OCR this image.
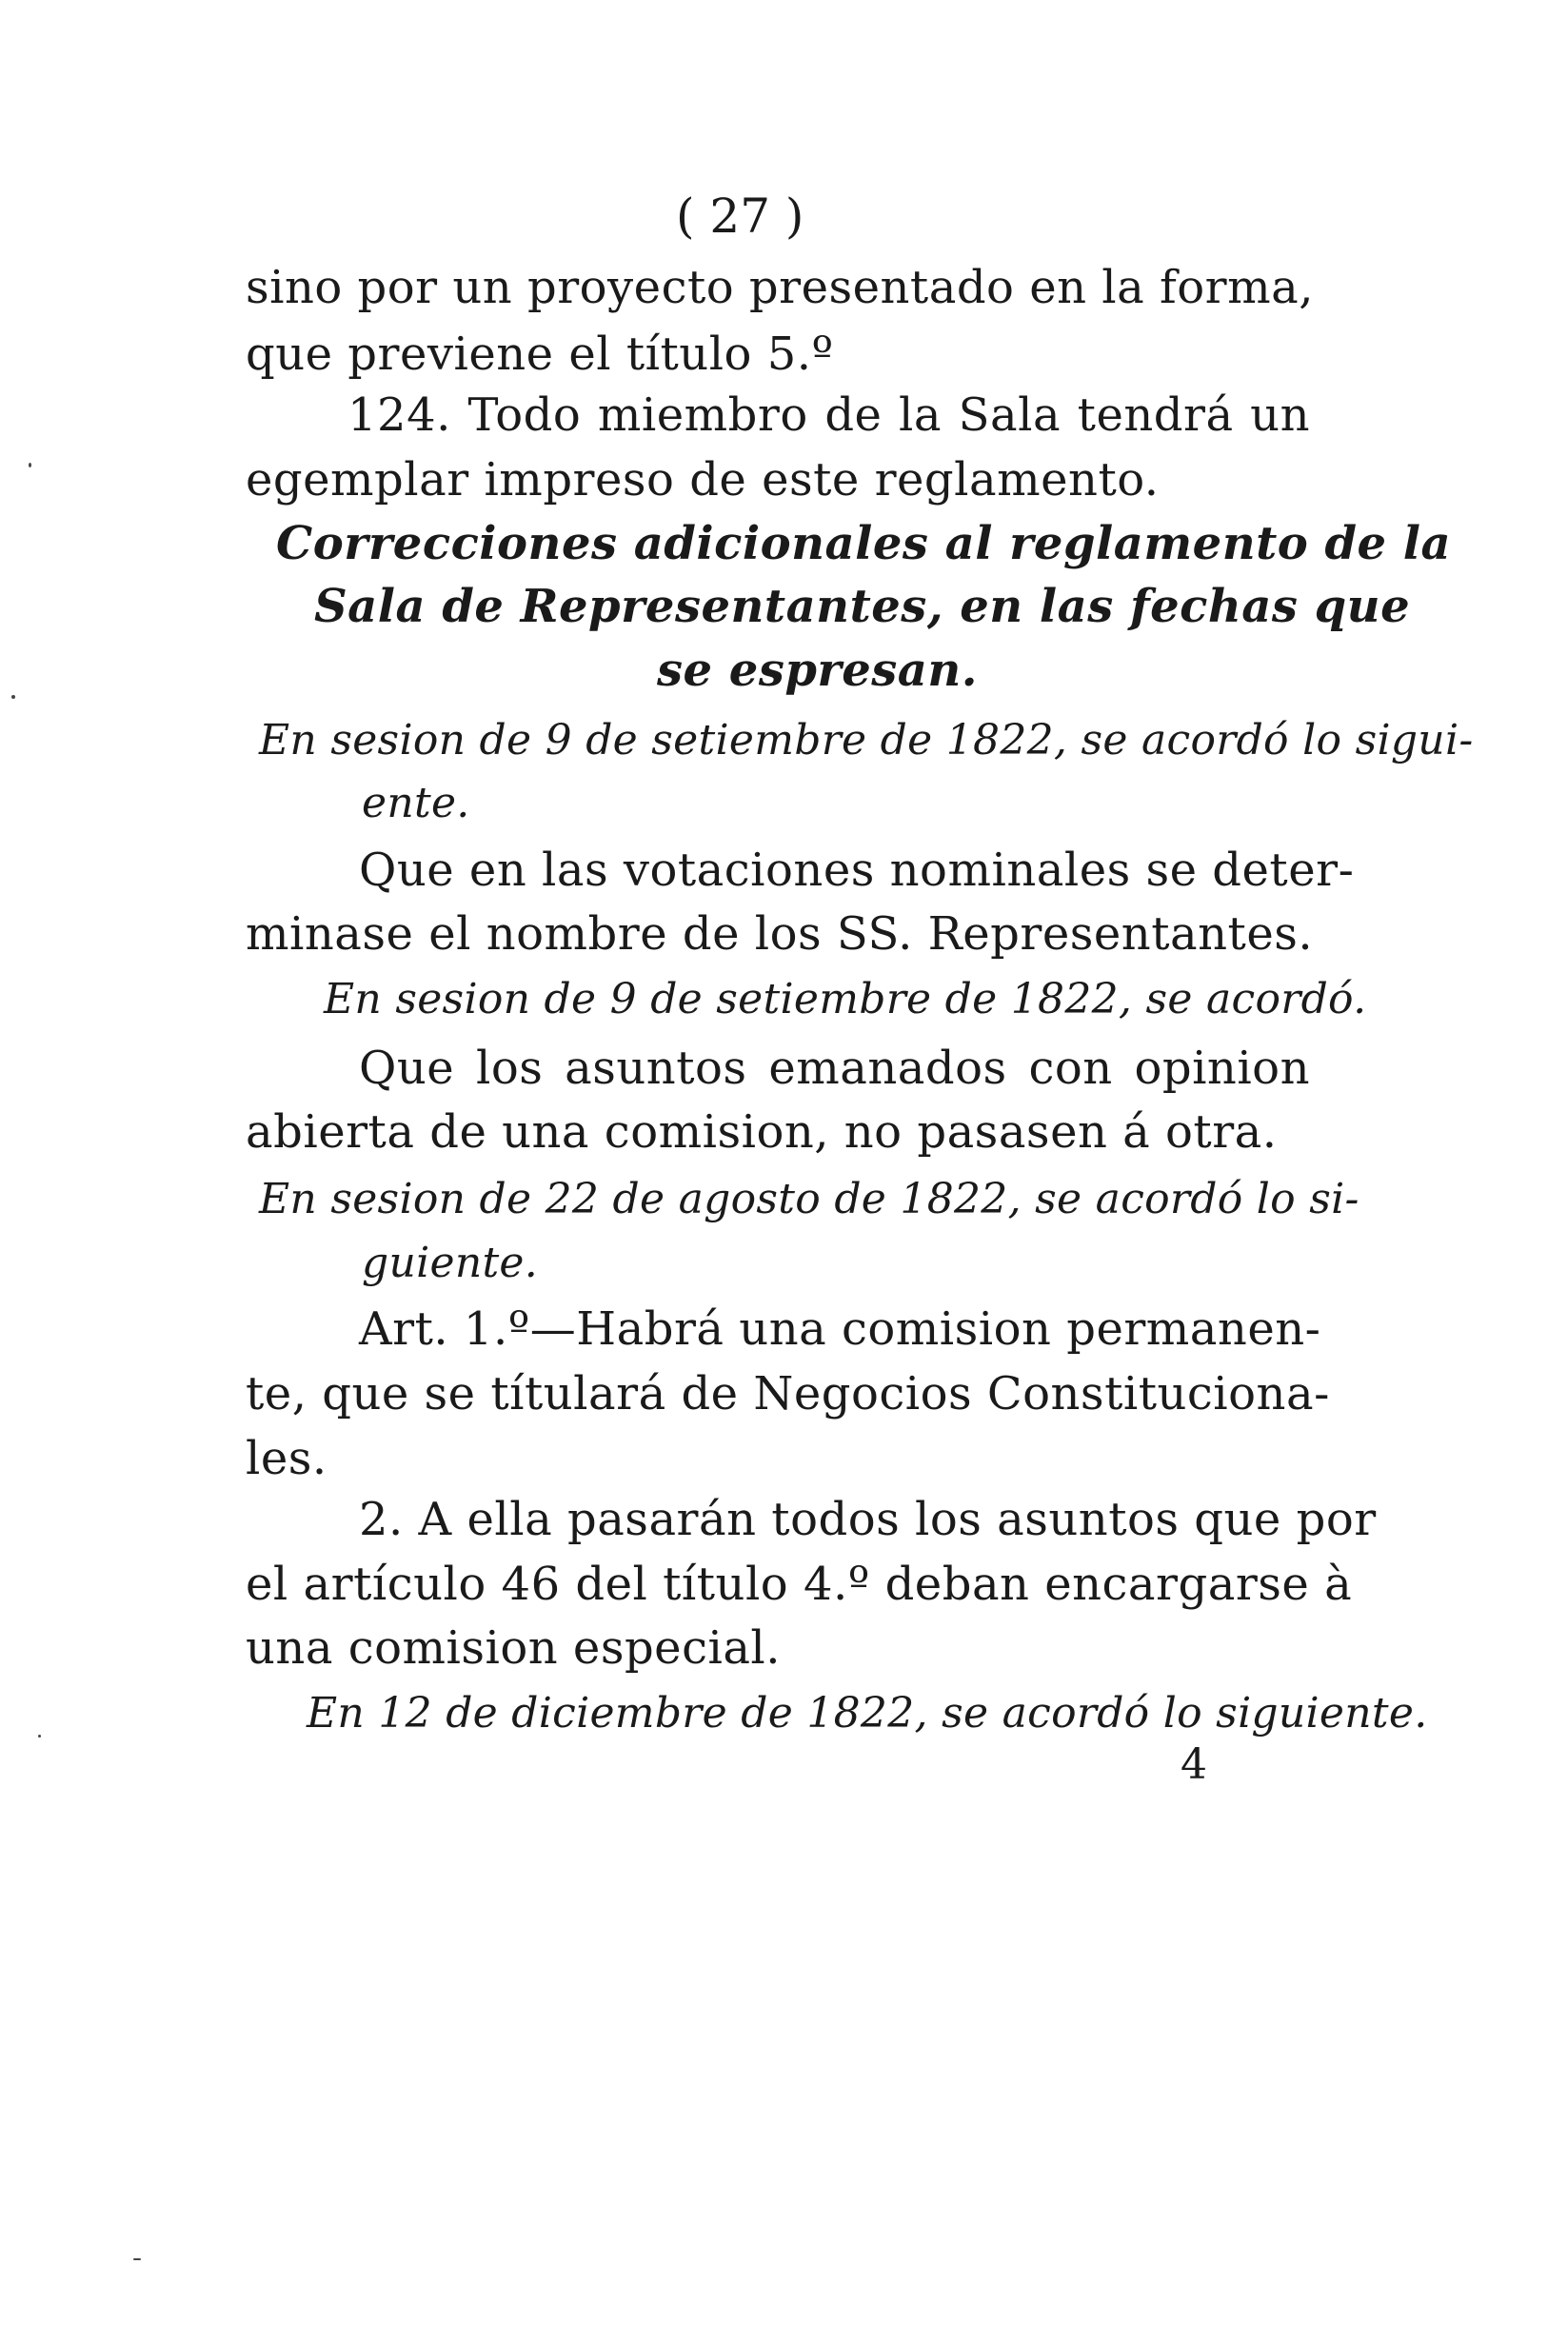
( 27 )
sino por un proyecto presentado en la forma,
que previene el título 5.º
124. Todo miembro de la Sala tendrá un
egemplar impreso de este reglamento.
Correcciones adicionales al reglamento de la
Sala de Representantes, en las fechas que
se espresan.
En sesion de 9 de setiembre de 1822, se acordó lo sigui-
ente.
Que en las votaciones nominales se deter-
minase el nombre de los SS. Representantes.
En sesion de 9 de setiembre de 1822, se acordó.
Que los asuntos emanados con opinion
abierta de una comision, no pasasen á otra.
En sesion de 22 de agosto de 1822, se acordó lo si-
guiente.
Art. 1.º—Habrá una comision permanen-
te, que se títulará de Negocios Constituciona-
les.
2. A ella pasarán todos los asuntos que por
el artículo 46 del título 4.º deban encargarse à
una comision especial.
En 12 de diciembre de 1822, se acordó lo siguiente.
4
